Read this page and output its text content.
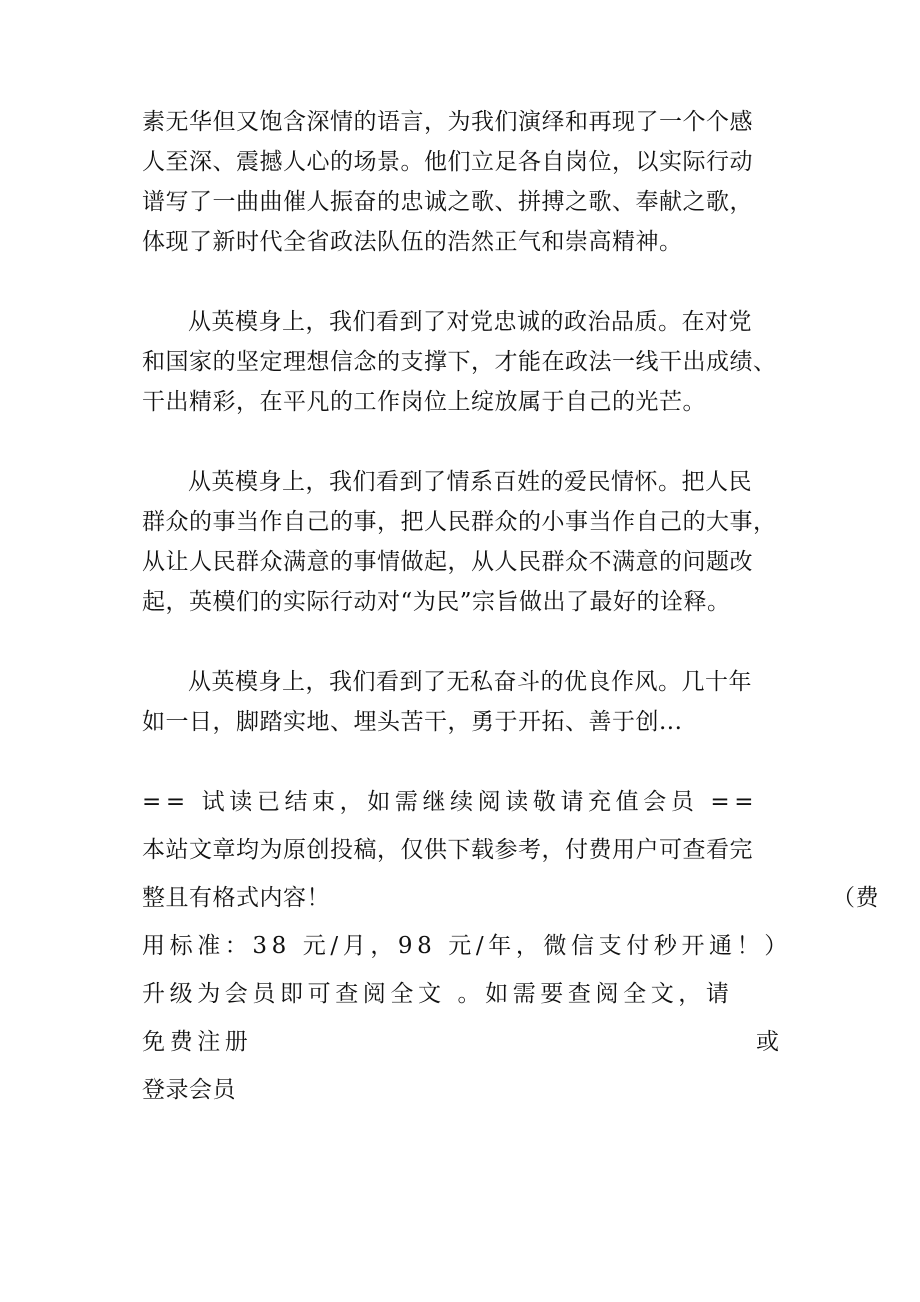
素无华但又饱含深情的语言，为我们演绎和再现了一个个感
人至深、震撼人心的场景。他们立足各自岗位，以实际行动
谱写了一曲曲催人振奋的忠诚之歌、拼搏之歌、奉献之歌，
体现了新时代全省政法队伍的浩然正气和崇高精神。
从英模身上，我们看到了对党忠诚的政治品质。在对党
和国家的坚定理想信念的支撑下，才能在政法一线干出成绩、
干出精彩，在平凡的工作岗位上绽放属于自己的光芒。
从英模身上，我们看到了情系百姓的爱民情怀。把人民
群众的事当作自己的事，把人民群众的小事当作自己的大事，
从让人民群众满意的事情做起，从人民群众不满意的问题改
起，英模们的实际行动对“为民”宗旨做出了最好的诠释。
从英模身上，我们看到了无私奋斗的优良作风。几十年
如一日，脚踏实地、埋头苦干，勇于开拓、善于创...
== 试读已结束，如需继续阅读敬请充值会员 ==
本站文章均为原创投稿，仅供下载参考，付费用户可查看完
整且有格式内容！	（费
用标准：38 元/月，98 元/年，微信支付秒开通！）
升级为会员即可查阅全文 。如需要查阅全文，请
免费注册	或
登录会员
